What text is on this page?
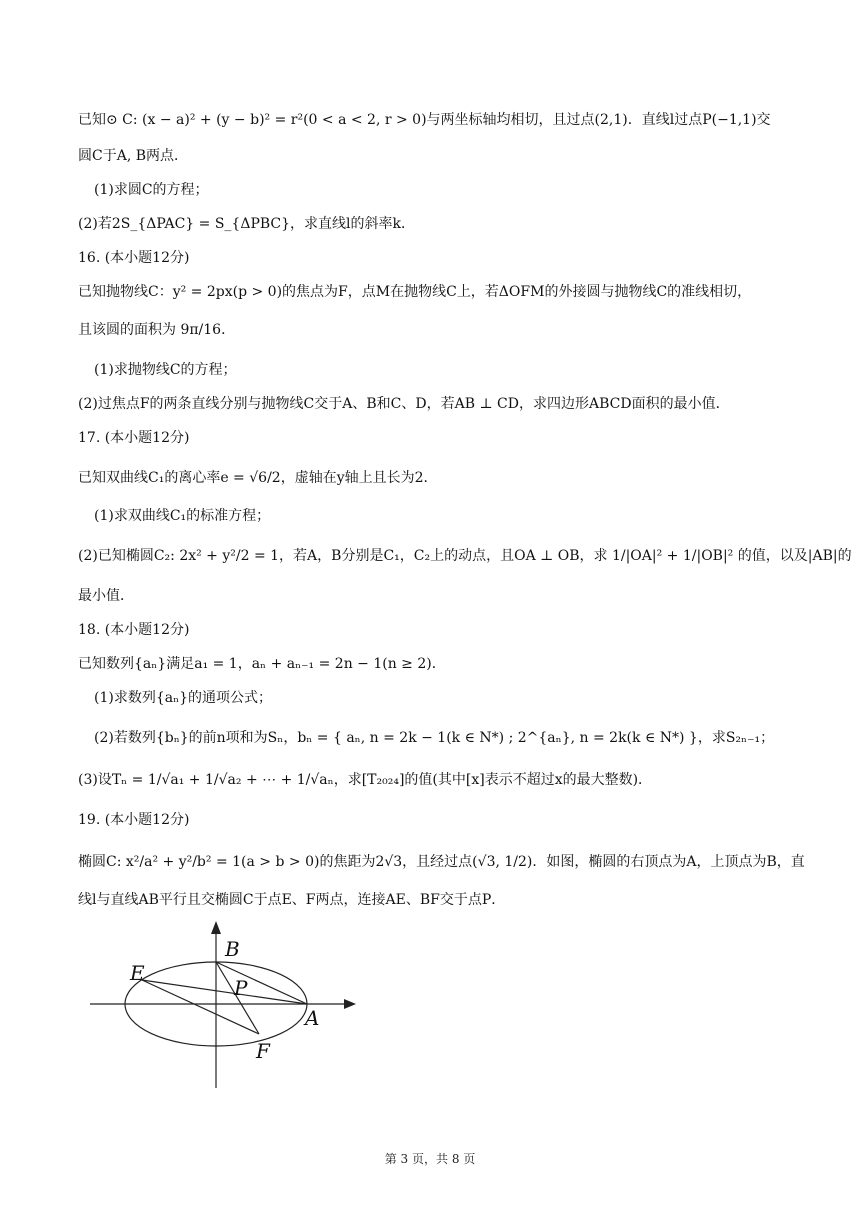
已知⊙ C: (x − a)² + (y − b)² = r²(0 < a < 2, r > 0)与两坐标轴均相切，且过点(2,1)．直线l过点P(−1,1)交
圆C于A, B两点．
(1)求圆C的方程；
(2)若2S_{ΔPAC} = S_{ΔPBC}，求直线l的斜率k．
16. (本小题12分)
已知抛物线C：y² = 2px(p > 0)的焦点为F，点M在抛物线C上，若ΔOFM的外接圆与抛物线C的准线相切，
且该圆的面积为 9π/16．
(1)求抛物线C的方程；
(2)过焦点F的两条直线分别与抛物线C交于A、B和C、D，若AB ⊥ CD，求四边形ABCD面积的最小值．
17. (本小题12分)
已知双曲线C₁的离心率e = √6/2，虚轴在y轴上且长为2．
(1)求双曲线C₁的标准方程；
(2)已知椭圆C₂: 2x² + y²/2 = 1，若A，B分别是C₁，C₂上的动点，且OA ⊥ OB，求 1/|OA|² + 1/|OB|² 的值，以及|AB|的
最小值．
18. (本小题12分)
已知数列{aₙ}满足a₁ = 1，aₙ + aₙ₋₁ = 2n − 1(n ≥ 2)．
(1)求数列{aₙ}的通项公式；
(2)若数列{bₙ}的前n项和为Sₙ，bₙ = { aₙ, n = 2k − 1(k ∈ N*) ; 2^{aₙ}, n = 2k(k ∈ N*) }，求S₂ₙ₋₁；
(3)设Tₙ = 1/√a₁ + 1/√a₂ + ⋯ + 1/√aₙ，求[T₂₀₂₄]的值(其中[x]表示不超过x的最大整数)．
19. (本小题12分)
椭圆C: x²/a² + y²/b² = 1(a > b > 0)的焦距为2√3，且经过点(√3, 1/2)．如图，椭圆的右顶点为A，上顶点为B，直
线l与直线AB平行且交椭圆C于点E、F两点，连接AE、BF交于点P．
B
E
P
A
F
第 3 页，共 8 页
